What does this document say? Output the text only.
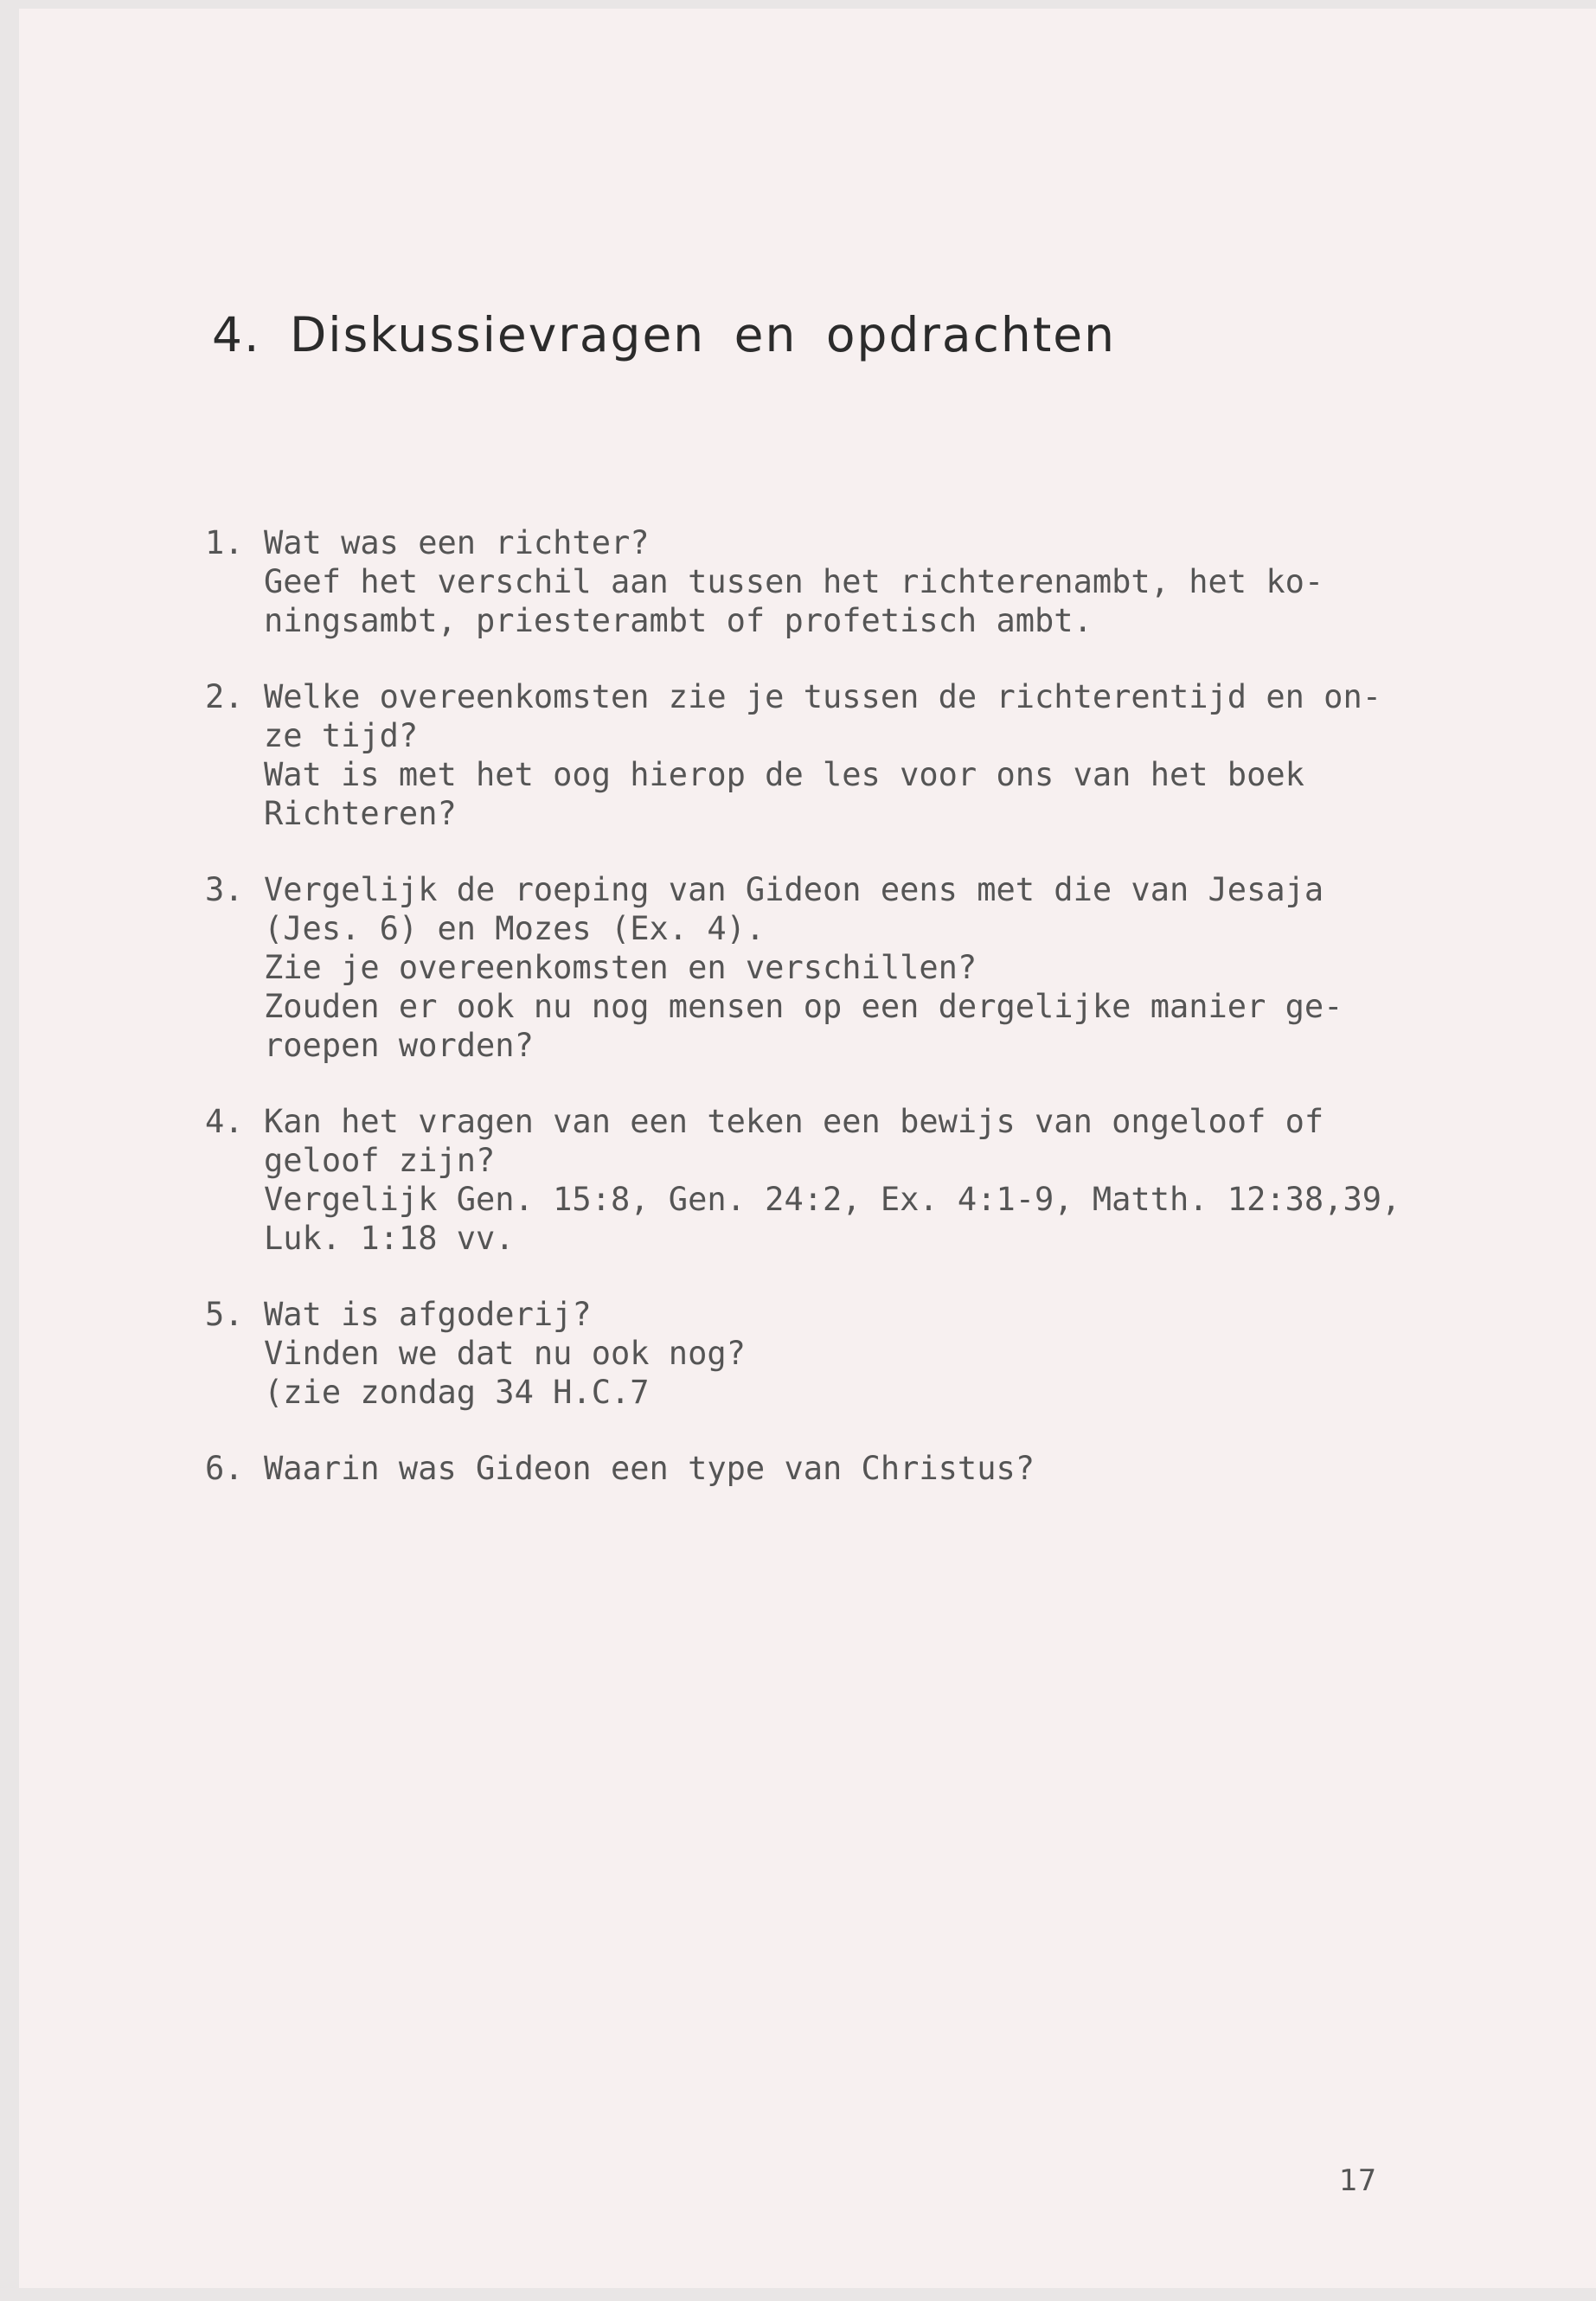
4. Diskussievragen en opdrachten
1. Wat was een richter?
Geef het verschil aan tussen het richterenambt, het ko-
ningsambt, priesterambt of profetisch ambt.
2. Welke overeenkomsten zie je tussen de richterentijd en on-
ze tijd?
Wat is met het oog hierop de les voor ons van het boek
Richteren?
3. Vergelijk de roeping van Gideon eens met die van Jesaja
(Jes. 6) en Mozes (Ex. 4).
Zie je overeenkomsten en verschillen?
Zouden er ook nu nog mensen op een dergelijke manier ge-
roepen worden?
4. Kan het vragen van een teken een bewijs van ongeloof of
geloof zijn?
Vergelijk Gen. 15:8, Gen. 24:2, Ex. 4:1-9, Matth. 12:38,39,
Luk. 1:18 vv.
5. Wat is afgoderij?
Vinden we dat nu ook nog?
(zie zondag 34 H.C.7
6. Waarin was Gideon een type van Christus?
17
